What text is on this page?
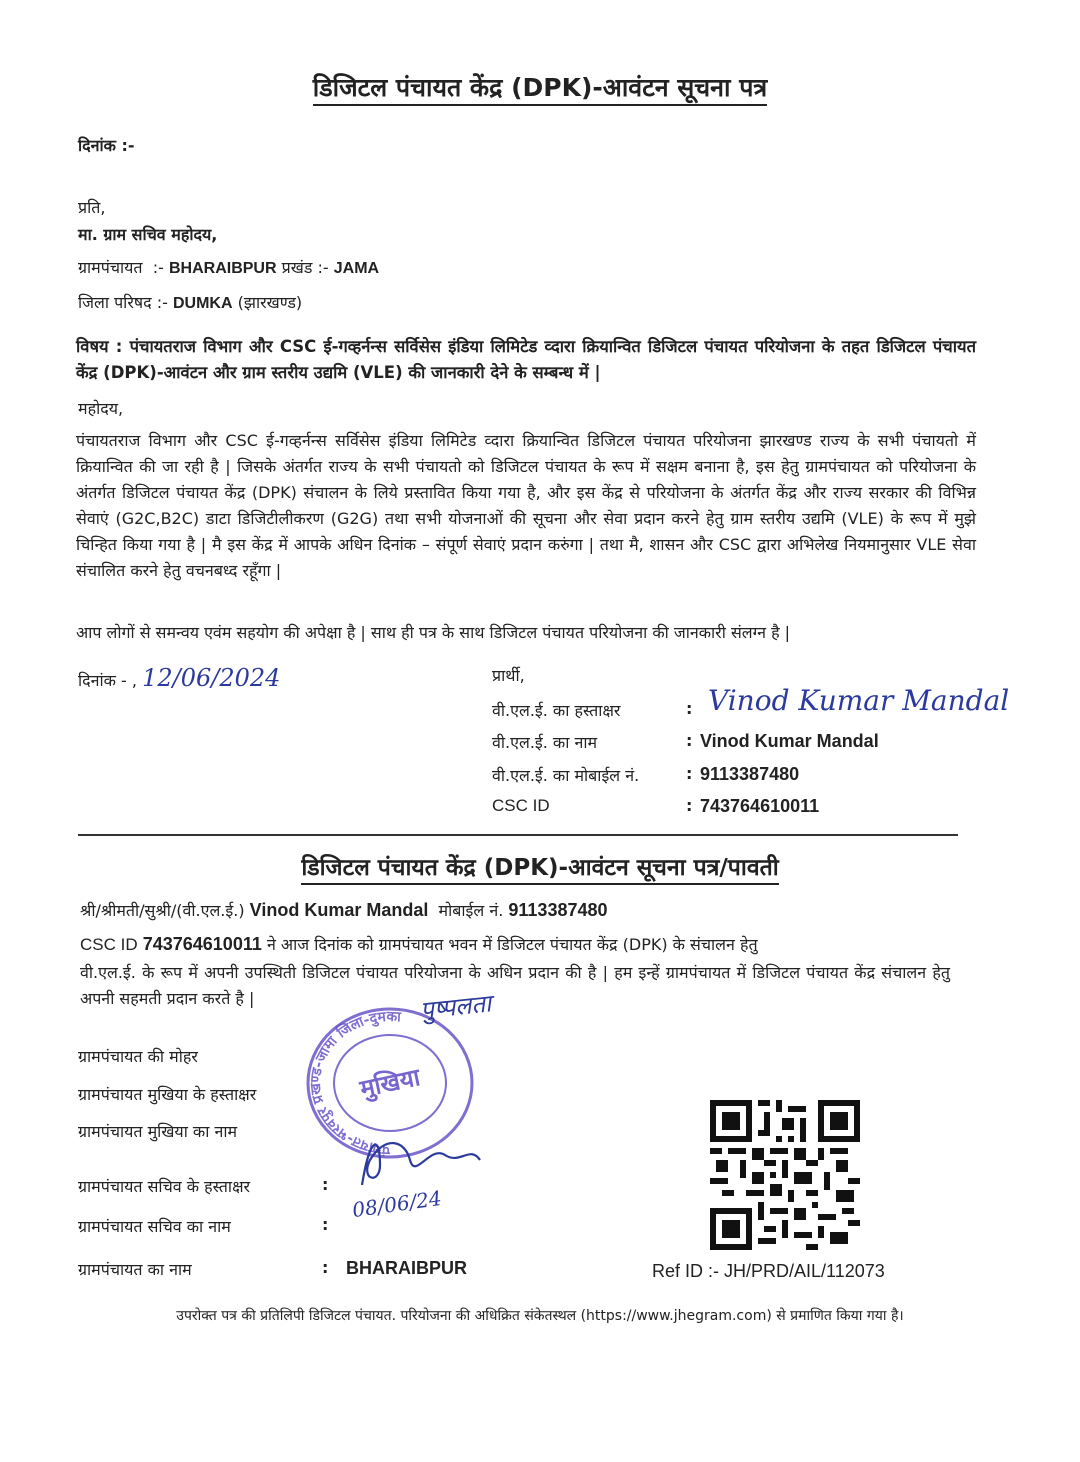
डिजिटल पंचायत केंद्र (DPK)-आवंटन सूचना पत्र
दिनांक :-
प्रति,
मा. ग्राम सचिव महोदय,
ग्रामपंचायत :- BHARAIBPUR प्रखंड :- JAMA
जिला परिषद :- DUMKA (झारखण्ड)
विषय : पंचायतराज विभाग और CSC ई-गव्हर्नन्स सर्विसेस इंडिया लिमिटेड व्दारा क्रियान्वित डिजिटल पंचायत परियोजना के तहत डिजिटल पंचायत केंद्र (DPK)-आवंटन और ग्राम स्तरीय उद्यमि (VLE) की जानकारी देने के सम्बन्ध में |
महोदय,
पंचायतराज विभाग और CSC ई-गव्हर्नन्स सर्विसेस इंडिया लिमिटेड व्दारा क्रियान्वित डिजिटल पंचायत परियोजना झारखण्ड राज्य के सभी पंचायतो में क्रियान्वित की जा रही है | जिसके अंतर्गत राज्य के सभी पंचायतो को डिजिटल पंचायत के रूप में सक्षम बनाना है, इस हेतु ग्रामपंचायत को परियोजना के अंतर्गत डिजिटल पंचायत केंद्र (DPK) संचालन के लिये प्रस्तावित किया गया है, और इस केंद्र से परियोजना के अंतर्गत केंद्र और राज्य सरकार की विभिन्न सेवाएं (G2C,B2C) डाटा डिजिटीलीकरण (G2G) तथा सभी योजनाओं की सूचना और सेवा प्रदान करने हेतु ग्राम स्तरीय उद्यमि (VLE) के रूप में मुझे चिन्हित किया गया है | मै इस केंद्र में आपके अधिन दिनांक – संपूर्ण सेवाएं प्रदान करुंगा | तथा मै, शासन और CSC द्वारा अभिलेख नियमानुसार VLE सेवा संचालित करने हेतु वचनबध्द रहूँगा |
आप लोगों से समन्वय एवंम सहयोग की अपेक्षा है | साथ ही पत्र के साथ डिजिटल पंचायत परियोजना की जानकारी संलग्न है |
दिनांक - , 12/06/2024	प्रार्थी,
वी.एल.ई. का हस्ताक्षर	: Vinod Kumar Mandal
वी.एल.ई. का नाम	: Vinod Kumar Mandal
वी.एल.ई. का मोबाईल नं.	: 9113387480
CSC ID	: 743764610011
डिजिटल पंचायत केंद्र (DPK)-आवंटन सूचना पत्र/पावती
श्री/श्रीमती/सुश्री/(वी.एल.ई.) Vinod Kumar Mandal मोबाईल नं. 9113387480
CSC ID 743764610011 ने आज दिनांक को ग्रामपंचायत भवन में डिजिटल पंचायत केंद्र (DPK) के संचालन हेतु
वी.एल.ई. के रूप में अपनी उपस्थिती डिजिटल पंचायत परियोजना के अधिन प्रदान की है | हम इन्हें ग्रामपंचायत में डिजिटल पंचायत केंद्र संचालन हेतु अपनी सहमती प्रदान करते है |
ग्रामपंचायत की मोहर
ग्रामपंचायत मुखिया के हस्ताक्षर
ग्रामपंचायत मुखिया का नाम
ग्रामपंचायत सचिव के हस्ताक्षर	:
ग्रामपंचायत सचिव का नाम	:
ग्रामपंचायत का नाम	: BHARAIBPUR
पंचायत-भरवपुर प्रखण्ड-जामा जिला-दुमका
मुखिया
पुष्पलता
08/06/24
Ref ID :- JH/PRD/AIL/112073
उपरोक्त पत्र की प्रतिलिपी डिजिटल पंचायत. परियोजना की अधिक्रित संकेतस्थल (https://www.jhegram.com) से प्रमाणित किया गया है।
